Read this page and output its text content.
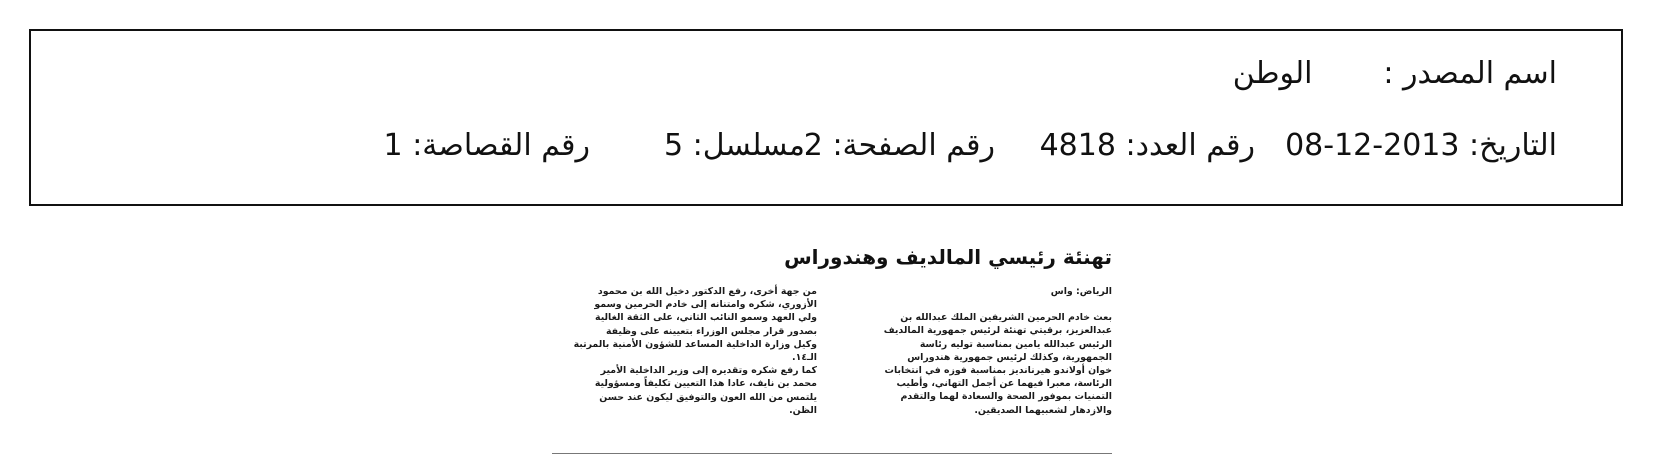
اسم المصدر : الوطن
التاريخ: 2013-12-08رقم العدد: 4818رقم الصفحة: 2مسلسل: 5رقم القصاصة: 1
تهنئة رئيسي المالديف وهندوراس
الرياض: واس

بعث خادم الحرمين الشريفين الملك عبدالله بن
عبدالعزيز، برقيتي تهنئة لرئيس جمهورية المالديف
الرئيس عبدالله يامين بمناسبة توليه رئاسة
الجمهورية، وكذلك لرئيس جمهورية هندوراس
خوان أولاندو هيرنانديز بمناسبة فوزه في انتخابات
الرئاسة، معبرا فيهما عن أجمل التهاني، وأطيب
التمنيات بموفور الصحة والسعادة لهما والتقدم
والازدهار لشعبيهما الصديقين.

من جهة أخرى، رفع الدكتور دخيل الله بن محمود
الأزوري، شكره وامتنانه إلى خادم الحرمين وسمو
ولي العهد وسمو النائب الثاني، على الثقة الغالية
بصدور قرار مجلس الوزراء بتعيينه على وظيفة
وكيل وزارة الداخلية المساعد للشؤون الأمنية بالمرتبة
الـ١٤.

كما رفع شكره وتقديره إلى وزير الداخلية الأمير
محمد بن نايف، عادا هذا التعيين تكليفاً ومسؤولية
يلتمس من الله العون والتوفيق ليكون عند حسن
الظن.
